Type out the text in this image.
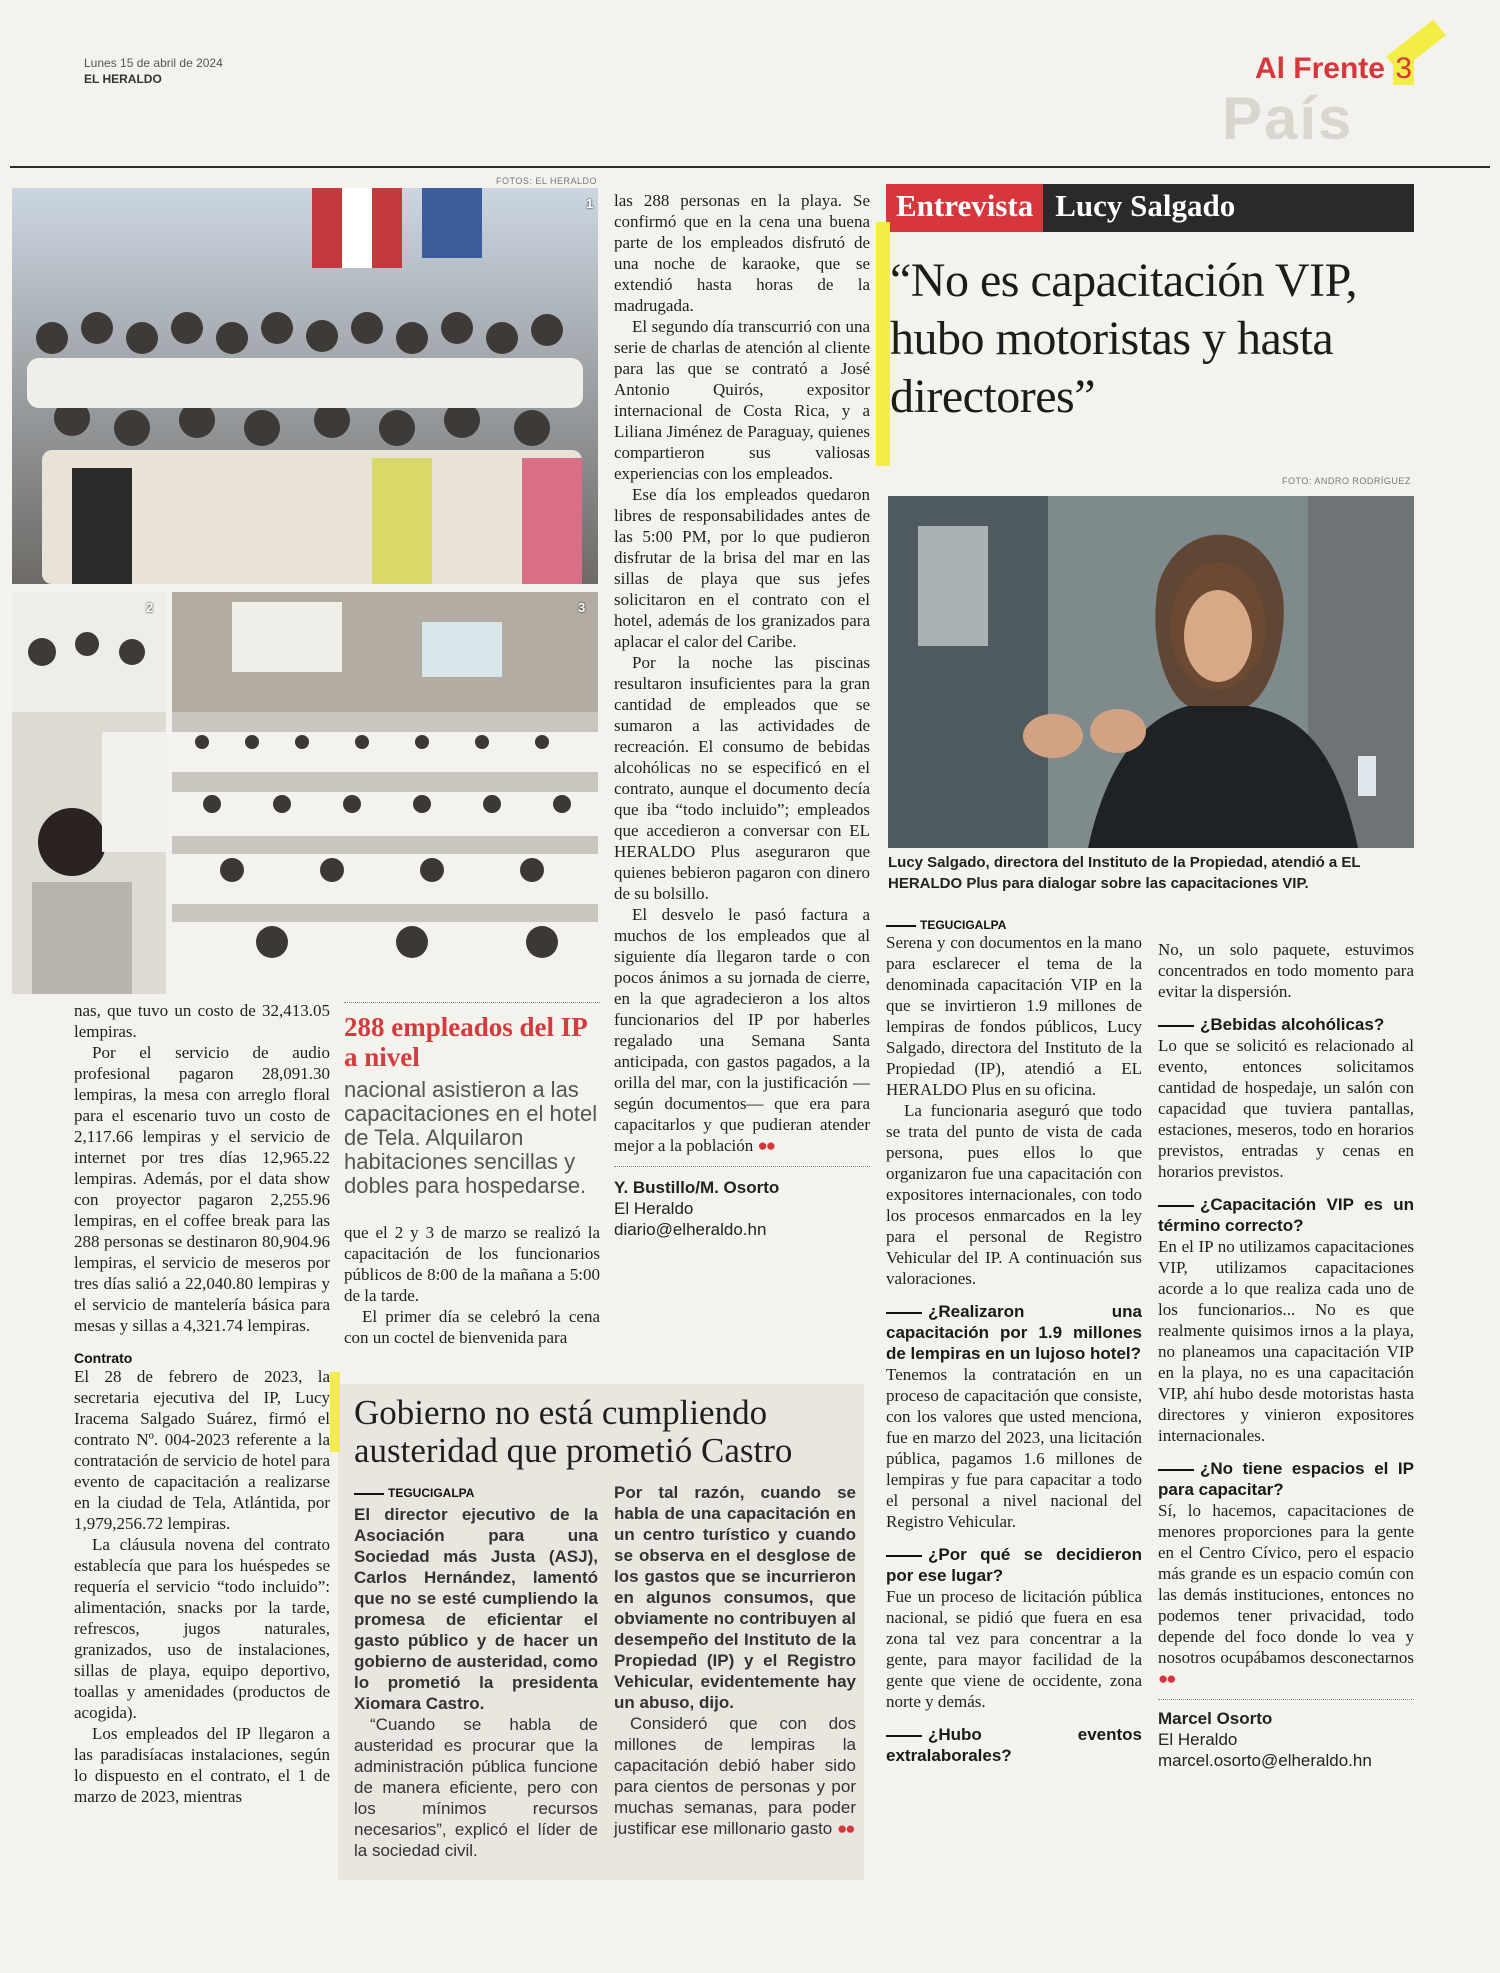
Lunes 15 de abril de 2024
EL HERALDO
País
Al Frente 3
FOTOS: EL HERALDO
1
2	3

las 288 personas en la playa. Se confirmó que en la cena una buena parte de los empleados disfrutó de una noche de karaoke, que se extendió hasta horas de la madrugada.

El segundo día transcurrió con una serie de charlas de atención al cliente para las que se contrató a José Antonio Quirós, expositor internacional de Costa Rica, y a Liliana Jiménez de Paraguay, quienes compartieron sus valiosas experiencias con los empleados.

Ese día los empleados quedaron libres de responsabilidades antes de las 5:00 PM, por lo que pudieron disfrutar de la brisa del mar en las sillas de playa que sus jefes solicitaron en el contrato con el hotel, además de los granizados para aplacar el calor del Caribe.

Por la noche las piscinas resultaron insuficientes para la gran cantidad de empleados que se sumaron a las actividades de recreación. El consumo de bebidas alcohólicas no se especificó en el contrato, aunque el documento decía que iba “todo incluido”; empleados que accedieron a conversar con EL HERALDO Plus aseguraron que quienes bebieron pagaron con dinero de su bolsillo.

El desvelo le pasó factura a muchos de los empleados que al siguiente día llegaron tarde o con pocos ánimos a su jornada de cierre, en la que agradecieron a los altos funcionarios del IP por haberles regalado una Semana Santa anticipada, con gastos pagados, a la orilla del mar, con la justificación —según documentos— que era para capacitarlos y que pudieran atender mejor a la población ●●

Y. Bustillo/M. Osorto
El Heraldo
diario@elheraldo.hn

nas, que tuvo un costo de 32,413.05 lempiras.

Por el servicio de audio profesional pagaron 28,091.30 lempiras, la mesa con arreglo floral para el escenario tuvo un costo de 2,117.66 lempiras y el servicio de internet por tres días 12,965.22 lempiras. Además, por el data show con proyector pagaron 2,255.96 lempiras, en el coffee break para las 288 personas se destinaron 80,904.96 lempiras, el servicio de meseros por tres días salió a 22,040.80 lempiras y el servicio de mantelería básica para mesas y sillas a 4,321.74 lempiras.

Contrato

El 28 de febrero de 2023, la secretaria ejecutiva del IP, Lucy Iracema Salgado Suárez, firmó el contrato Nº. 004-2023 referente a la contratación de servicio de hotel para evento de capacitación a realizarse en la ciudad de Tela, Atlántida, por 1,979,256.72 lempiras.

La cláusula novena del contrato establecía que para los huéspedes se requería el servicio “todo incluido”: alimentación, snacks por la tarde, refrescos, jugos naturales, granizados, uso de instalaciones, sillas de playa, equipo deportivo, toallas y amenidades (productos de acogida).

Los empleados del IP llegaron a las paradisíacas instalaciones, según lo dispuesto en el contrato, el 1 de marzo de 2023, mientras

288 empleados del IP a nivel
nacional asistieron a las capacitaciones en el hotel de Tela. Alquilaron habitaciones sencillas y dobles para hospedarse.

que el 2 y 3 de marzo se realizó la capacitación de los funcionarios públicos de 8:00 de la mañana a 5:00 de la tarde.

El primer día se celebró la cena con un coctel de bienvenida para

Gobierno no está cumpliendo austeridad que prometió Castro
TEGUCIGALPA

El director ejecutivo de la Asociación para una Sociedad más Justa (ASJ), Carlos Hernández, lamentó que no se esté cumpliendo la promesa de eficientar el gasto público y de hacer un gobierno de austeridad, como lo prometió la presidenta Xiomara Castro.

“Cuando se habla de austeridad es procurar que la administración pública funcione de manera eficiente, pero con los mínimos recursos necesarios”, explicó el líder de la sociedad civil.

Por tal razón, cuando se habla de una capacitación en un centro turístico y cuando se observa en el desglose de los gastos que se incurrieron en algunos consumos, que obviamente no contribuyen al desempeño del Instituto de la Propiedad (IP) y el Registro Vehicular, evidentemente hay un abuso, dijo.

Consideró que con dos millones de lempiras la capacitación debió haber sido para cientos de personas y por muchas semanas, para poder justificar ese millonario gasto ●●

Entrevista Lucy Salgado
“No es capacitación VIP, hubo motoristas y hasta directores”
FOTO: ANDRO RODRÍGUEZ
Lucy Salgado, directora del Instituto de la Propiedad, atendió a EL HERALDO Plus para dialogar sobre las capacitaciones VIP.
TEGUCIGALPA

Serena y con documentos en la mano para esclarecer el tema de la denominada capacitación VIP en la que se invirtieron 1.9 millones de lempiras de fondos públicos, Lucy Salgado, directora del Instituto de la Propiedad (IP), atendió a EL HERALDO Plus en su oficina.

La funcionaria aseguró que todo se trata del punto de vista de cada persona, pues ellos lo que organizaron fue una capacitación con expositores internacionales, con todo los procesos enmarcados en la ley para el personal de Registro Vehicular del IP. A continuación sus valoraciones.

¿Realizaron una capacitación por 1.9 millones de lempiras en un lujoso hotel?

Tenemos la contratación en un proceso de capacitación que consiste, con los valores que usted menciona, fue en marzo del 2023, una licitación pública, pagamos 1.6 millones de lempiras y fue para capacitar a todo el personal a nivel nacional del Registro Vehicular.

¿Por qué se decidieron por ese lugar?

Fue un proceso de licitación pública nacional, se pidió que fuera en esa zona tal vez para concentrar a la gente, para mayor facilidad de la gente que viene de occidente, zona norte y demás.

¿Hubo eventos extralaborales?

No, un solo paquete, estuvimos concentrados en todo momento para evitar la dispersión.

¿Bebidas alcohólicas?

Lo que se solicitó es relacionado al evento, entonces solicitamos cantidad de hospedaje, un salón con capacidad que tuviera pantallas, estaciones, meseros, todo en horarios previstos, entradas y cenas en horarios previstos.

¿Capacitación VIP es un término correcto?

En el IP no utilizamos capacitaciones VIP, utilizamos capacitaciones acorde a lo que realiza cada uno de los funcionarios... No es que realmente quisimos irnos a la playa, no planeamos una capacitación VIP en la playa, no es una capacitación VIP, ahí hubo desde motoristas hasta directores y vinieron expositores internacionales.

¿No tiene espacios el IP para capacitar?

Sí, lo hacemos, capacitaciones de menores proporciones para la gente en el Centro Cívico, pero el espacio más grande es un espacio común con las demás instituciones, entonces no podemos tener privacidad, todo depende del foco donde lo vea y nosotros ocupábamos desconectarnos ●●

Marcel Osorto
El Heraldo
marcel.osorto@elheraldo.hn
